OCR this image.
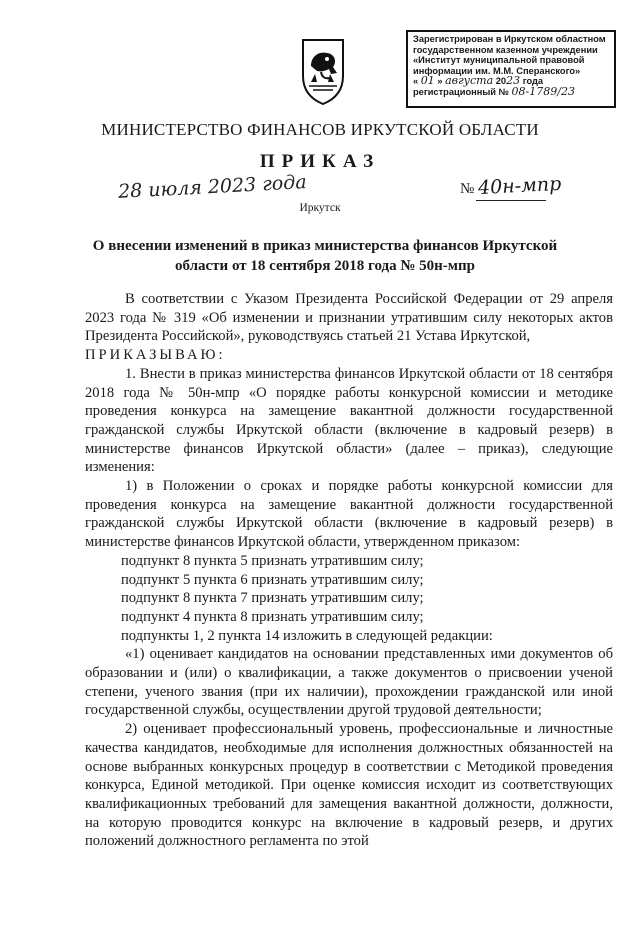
Зарегистрирован в Иркутском областном
государственном казенном учреждении
«Институт муниципальной правовой
информации им. М.М. Сперанского»
« 01 » августа 2023 года
регистрационный № 08-1789/23
МИНИСТЕРСТВО ФИНАНСОВ ИРКУТСКОЙ ОБЛАСТИ
ПРИКАЗ
28 июля 2023 года	№ 40н-мпр
Иркутск
О внесении изменений в приказ министерства финансов Иркутской области от 18 сентября 2018 года № 50н-мпр

В соответствии с Указом Президента Российской Федерации от 29 апреля 2023 года № 319 «Об изменении и признании утратившим силу некоторых актов Президента Российской», руководствуясь статьей 21 Устава Иркутской,

ПРИКАЗЫВАЮ:

1. Внести в приказ министерства финансов Иркутской области от 18 сентября 2018 года № 50н-мпр «О порядке работы конкурсной комиссии и методике проведения конкурса на замещение вакантной должности государственной гражданской службы Иркутской области (включение в кадровый резерв) в министерстве финансов Иркутской области» (далее – приказ), следующие изменения:

1) в Положении о сроках и порядке работы конкурсной комиссии для проведения конкурса на замещение вакантной должности государственной гражданской службы Иркутской области (включение в кадровый резерв) в министерстве финансов Иркутской области, утвержденном приказом:

подпункт 8 пункта 5 признать утратившим силу;

подпункт 5 пункта 6 признать утратившим силу;

подпункт 8 пункта 7 признать утратившим силу;

подпункт 4 пункта 8 признать утратившим силу;

подпункты 1, 2 пункта 14 изложить в следующей редакции:

«1) оценивает кандидатов на основании представленных ими документов об образовании и (или) о квалификации, а также документов о присвоении ученой степени, ученого звания (при их наличии), прохождении гражданской или иной государственной службы, осуществлении другой трудовой деятельности;

2) оценивает профессиональный уровень, профессиональные и личностные качества кандидатов, необходимые для исполнения должностных обязанностей на основе выбранных конкурсных процедур в соответствии с Методикой проведения конкурса, Единой методикой. При оценке комиссия исходит из соответствующих квалификационных требований для замещения вакантной должности, должности, на которую проводится конкурс на включение в кадровый резерв, и других положений должностного регламента по этой
